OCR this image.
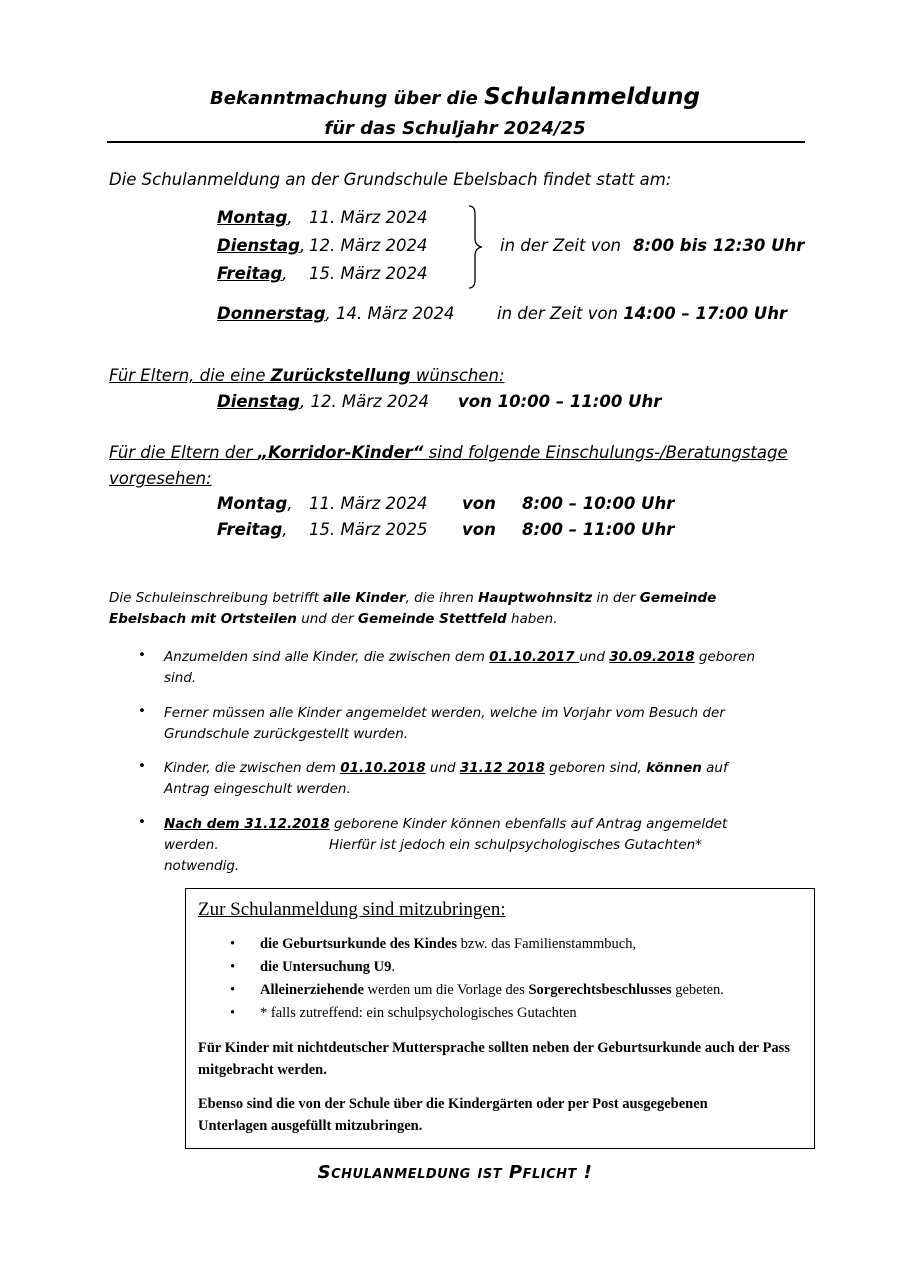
Bekanntmachung über die Schulanmeldung
für das Schuljahr 2024/25
Die Schulanmeldung an der Grundschule Ebelsbach findet statt am:
Montag, 11. März 2024
Dienstag, 12. März 2024
Freitag, 15. März 2024
in der Zeit von 8:00 bis 12:30 Uhr
Donnerstag, 14. März 2024	in der Zeit von 14:00 – 17:00 Uhr
Für Eltern, die eine Zurückstellung wünschen:
Dienstag, 12. März 2024 von 10:00 – 11:00 Uhr
Für die Eltern der „Korridor-Kinder“ sind folgende Einschulungs-/Beratungstage
vorgesehen:
Montag, 11. März 2024 von 8:00 – 10:00 Uhr
Freitag, 15. März 2025 von 8:00 – 11:00 Uhr
Die Schuleinschreibung betrifft alle Kinder, die ihren Hauptwohnsitz in der Gemeinde
Ebelsbach mit Ortsteilen und der Gemeinde Stettfeld haben.
• Anzumelden sind alle Kinder, die zwischen dem 01.10.2017 und 30.09.2018 geboren
sind.
• Ferner müssen alle Kinder angemeldet werden, welche im Vorjahr vom Besuch der
Grundschule zurückgestellt wurden.
• Kinder, die zwischen dem 01.10.2018 und 31.12 2018 geboren sind, können auf
Antrag eingeschult werden.
• Nach dem 31.12.2018 geborene Kinder können ebenfalls auf Antrag angemeldet
werden.	Hierfür ist jedoch ein schulpsychologisches Gutachten*
notwendig.
Zur Schulanmeldung sind mitzubringen:
• die Geburtsurkunde des Kindes bzw. das Familienstammbuch,
• die Untersuchung U9.
• Alleinerziehende werden um die Vorlage des Sorgerechtsbeschlusses gebeten.
• * falls zutreffend: ein schulpsychologisches Gutachten
Für Kinder mit nichtdeutscher Muttersprache sollten neben der Geburtsurkunde auch der Pass mitgebracht werden.
Ebenso sind die von der Schule über die Kindergärten oder per Post ausgegebenen
Unterlagen ausgefüllt mitzubringen.
Schulanmeldung ist Pflicht !
